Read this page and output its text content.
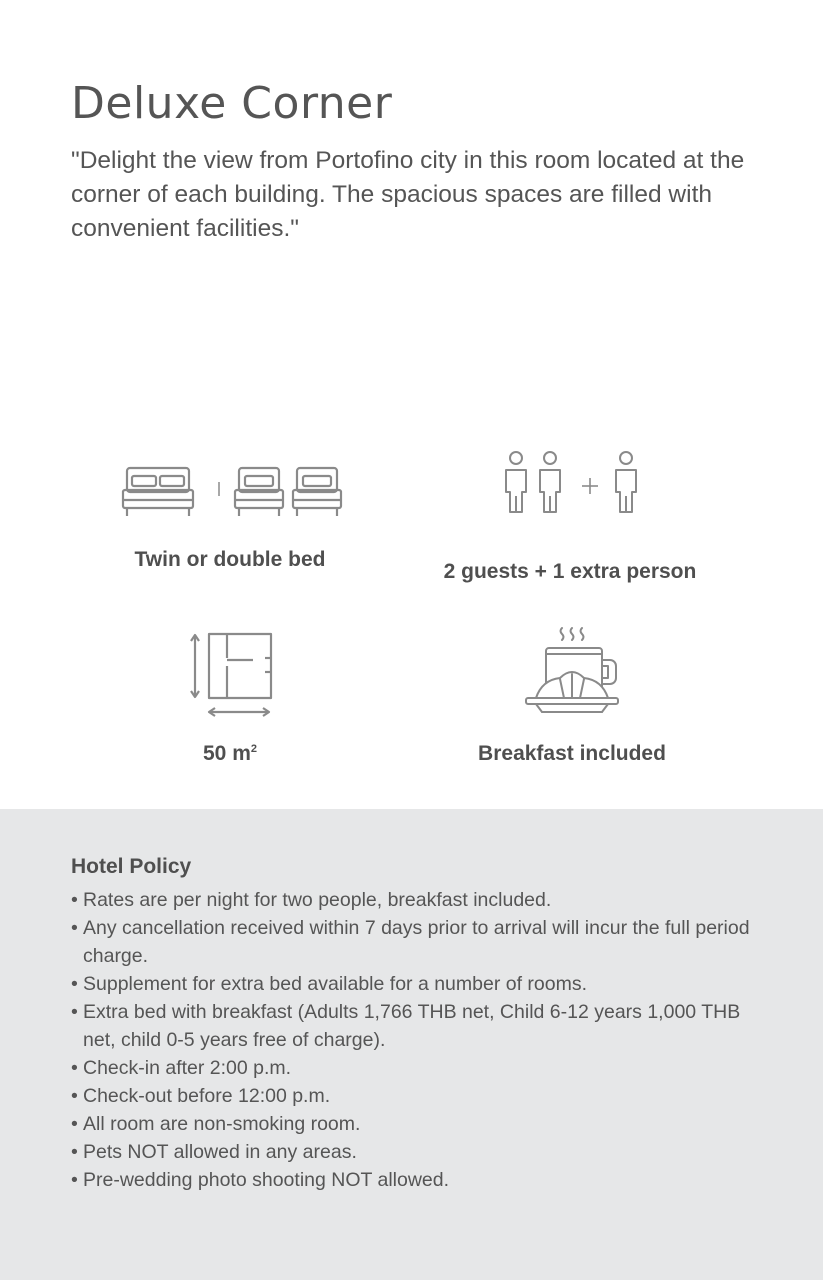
Deluxe Corner

"Delight the view from Portofino city in this room located at the corner of each building. The spacious spaces are filled with convenient facilities."

Twin or double bed
2 guests + 1 extra person
50 $m^2$	Breakfast included
Hotel Policy
• Rates are per night for two people, breakfast included.
• Any cancellation received within 7 days prior to arrival will incur the full period charge.
• Supplement for extra bed available for a number of rooms.
• Extra bed with breakfast (Adults 1,766 THB net, Child 6-12 years 1,000 THB net, child 0-5 years free of charge).
• Check-in after 2:00 p.m.
• Check-out before 12:00 p.m.
• All room are non-smoking room.
• Pets NOT allowed in any areas.
• Pre-wedding photo shooting NOT allowed.
